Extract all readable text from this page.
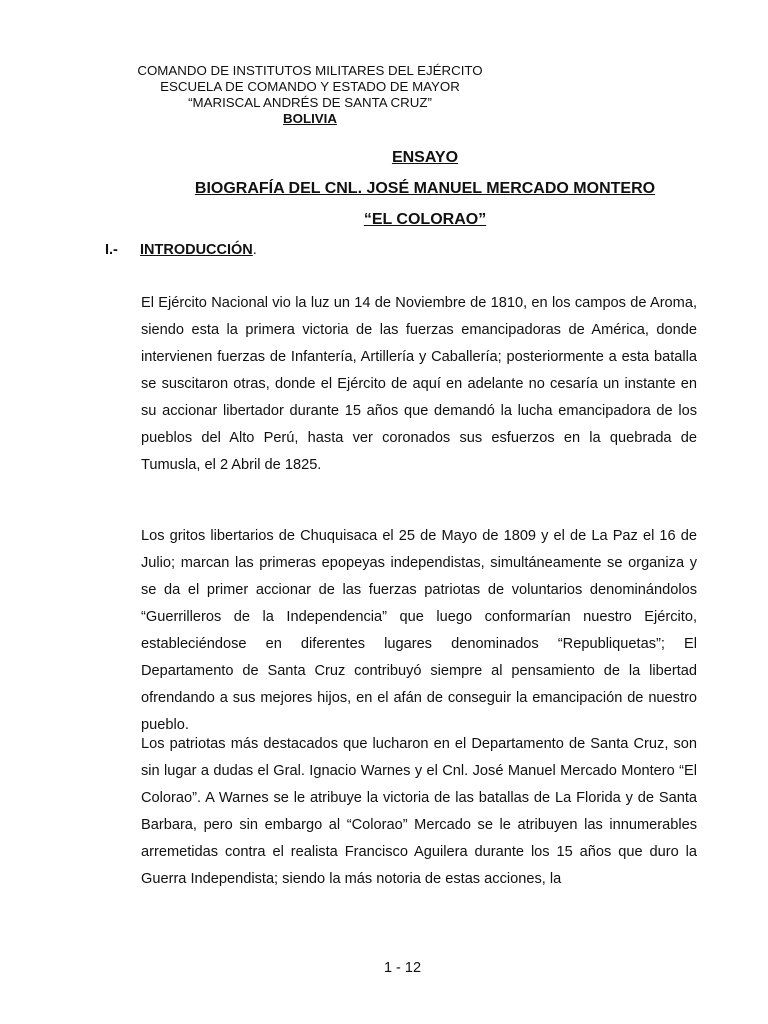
COMANDO DE INSTITUTOS MILITARES DEL EJÉRCITO
ESCUELA DE COMANDO Y ESTADO DE MAYOR
“MARISCAL ANDRÉS DE SANTA CRUZ”
BOLIVIA
ENSAYO
BIOGRAFÍA DEL CNL. JOSÉ MANUEL MERCADO MONTERO
“EL COLORAO”
I.- INTRODUCCIÓN.

El Ejército Nacional vio la luz un 14 de Noviembre de 1810, en los campos de Aroma, siendo esta la primera victoria de las fuerzas emancipadoras de América, donde intervienen fuerzas de Infantería, Artillería y Caballería; posteriormente a esta batalla se suscitaron otras, donde el Ejército de aquí en adelante no cesaría un instante en su accionar libertador durante 15 años que demandó la lucha emancipadora de los pueblos del Alto Perú, hasta ver coronados sus esfuerzos en la quebrada de Tumusla, el 2 Abril de 1825.

Los gritos libertarios de Chuquisaca el 25 de Mayo de 1809 y el de La Paz el 16 de Julio; marcan las primeras epopeyas independistas, simultáneamente se organiza y se da el primer accionar de las fuerzas patriotas de voluntarios denominándolos “Guerrilleros de la Independencia” que luego conformarían nuestro Ejército, estableciéndose en diferentes lugares denominados “Republiquetas”; El Departamento de Santa Cruz contribuyó siempre al pensamiento de la libertad ofrendando a sus mejores hijos, en el afán de conseguir la emancipación de nuestro pueblo.

Los patriotas más destacados que lucharon en el Departamento de Santa Cruz, son sin lugar a dudas el Gral. Ignacio Warnes y el Cnl. José Manuel Mercado Montero “El Colorao”. A Warnes se le atribuye la victoria de las batallas de La Florida y de Santa Barbara, pero sin embargo al “Colorao” Mercado se le atribuyen las innumerables arremetidas contra el realista Francisco Aguilera durante los 15 años que duro la Guerra Independista; siendo la más notoria de estas acciones, la

1 - 12
